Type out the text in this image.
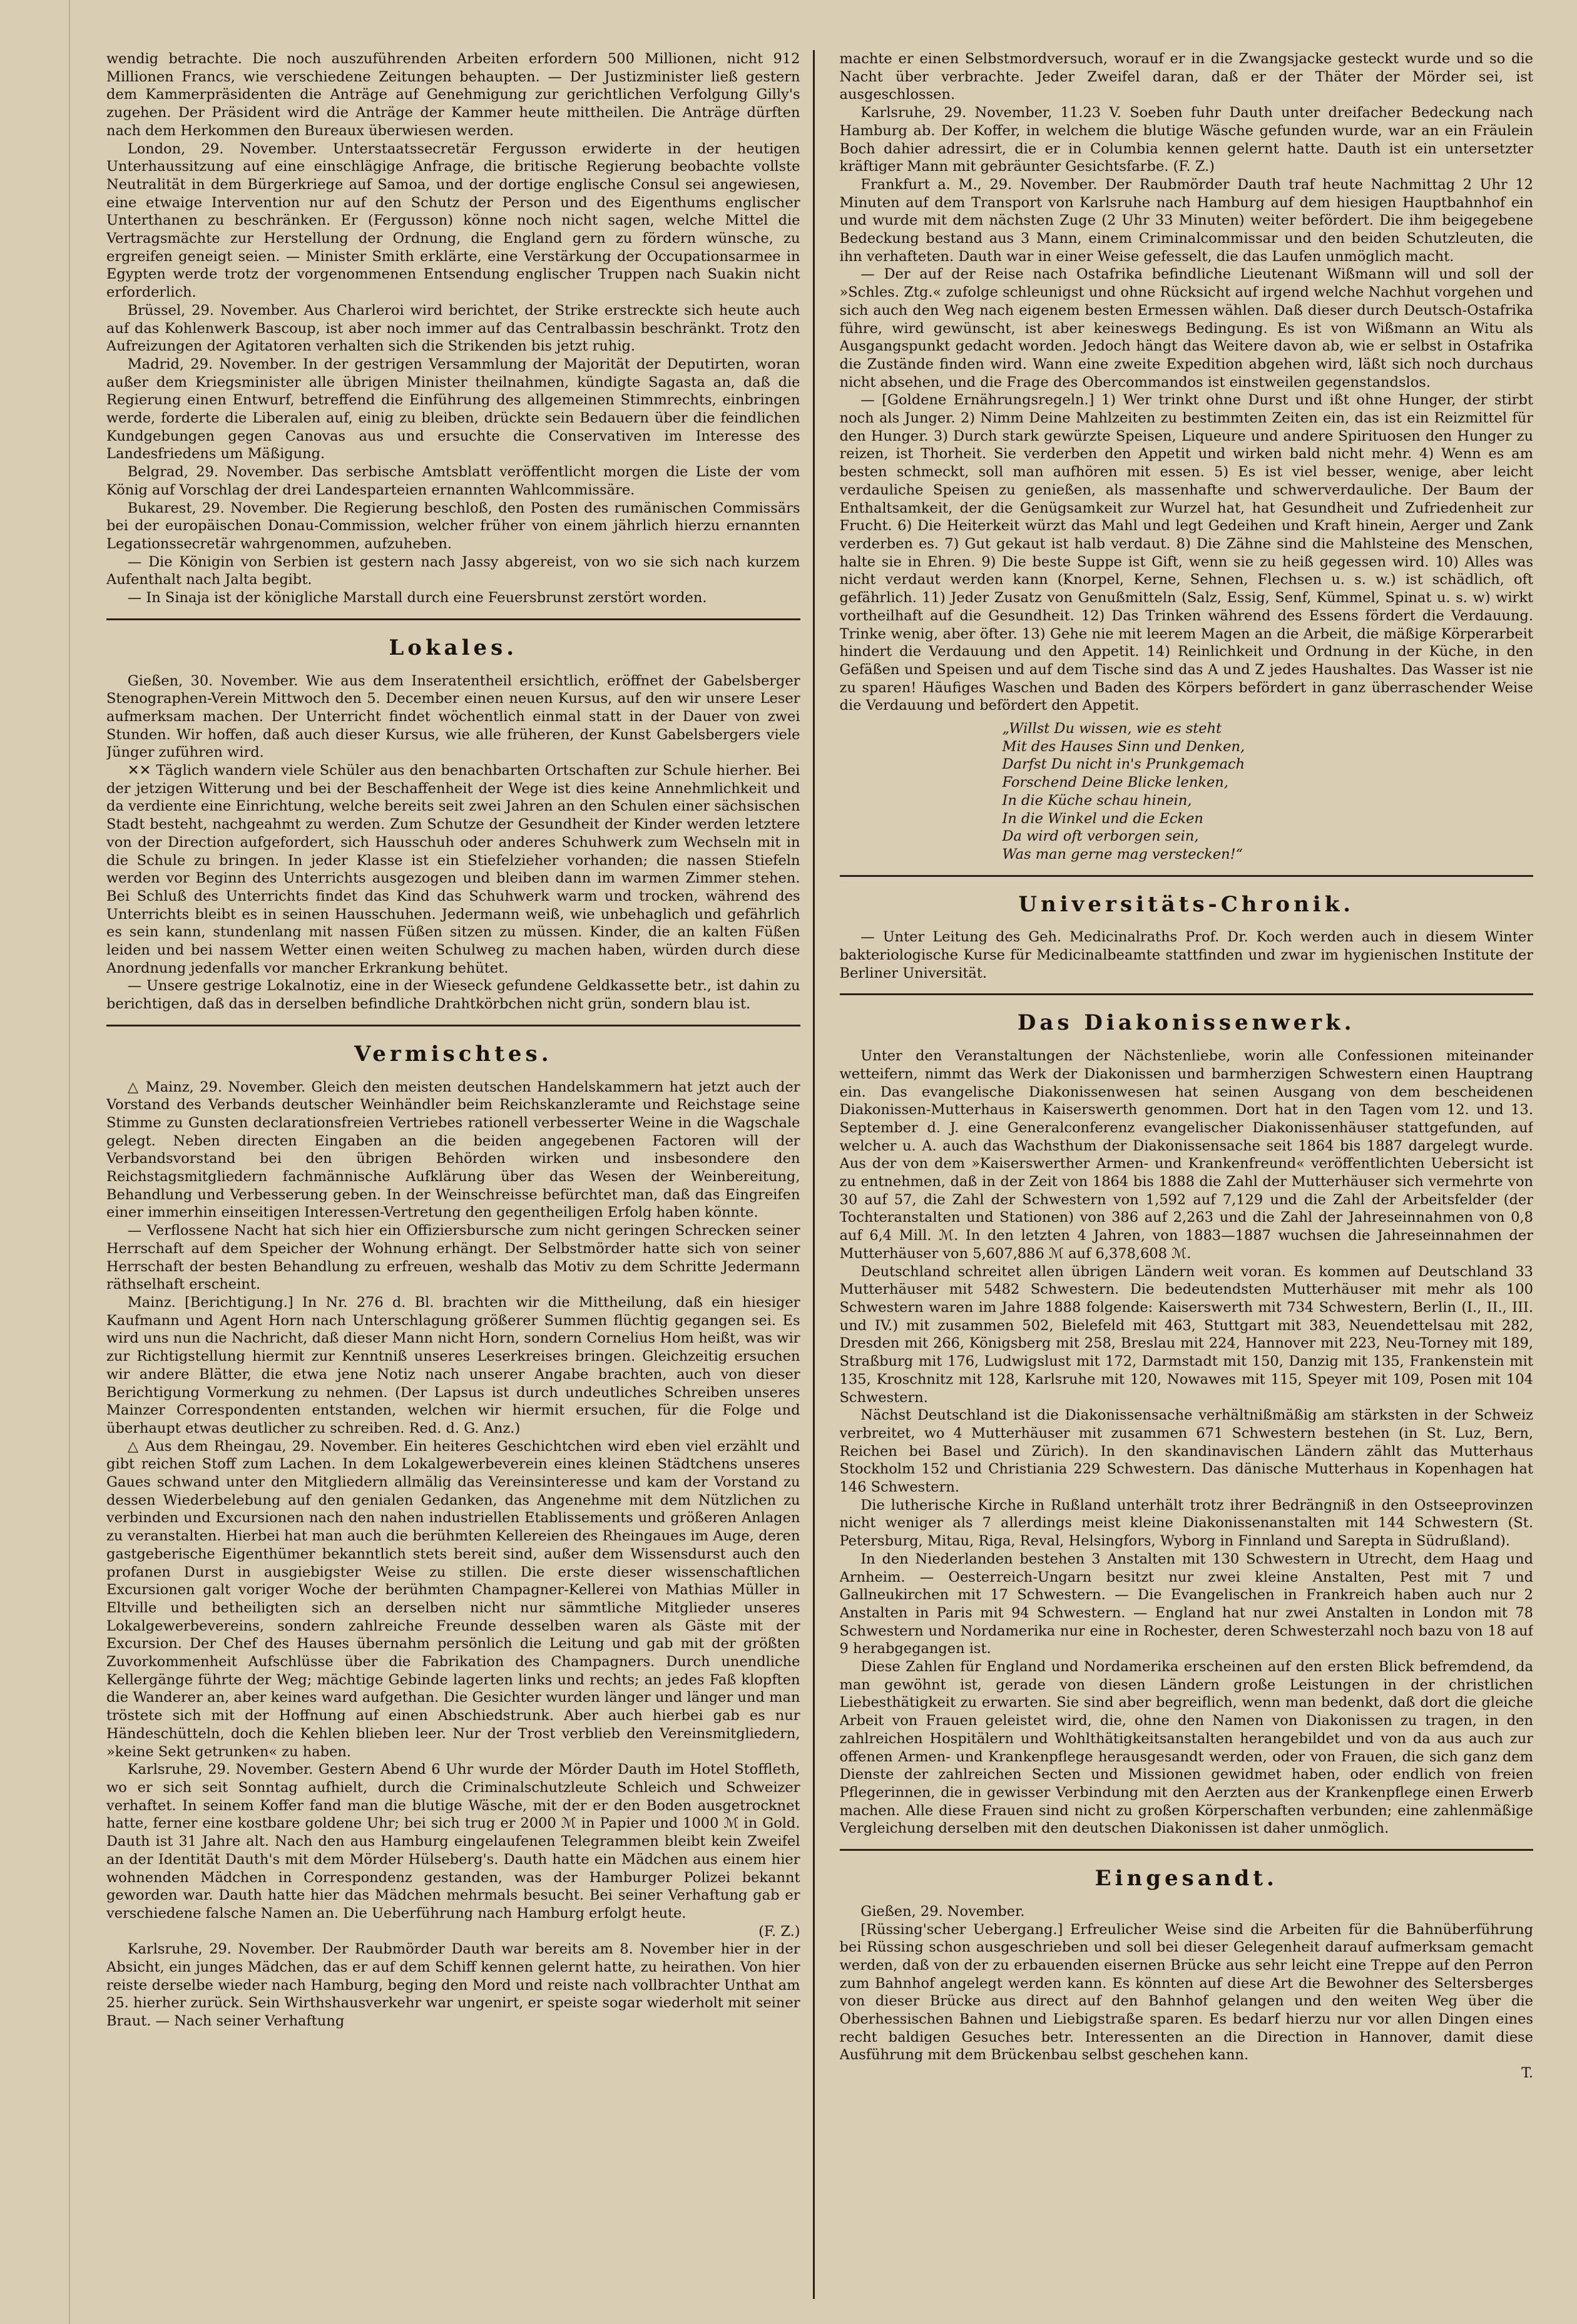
wendig betrachte. Die noch auszuführenden Arbeiten erfordern 500 Millionen, nicht 912 Millionen Francs, wie verschiedene Zeitungen behaupten. — Der Justizminister ließ gestern dem Kammerpräsidenten die Anträge auf Genehmigung zur gerichtlichen Verfolgung Gilly's zugehen. Der Präsident wird die Anträge der Kammer heute mittheilen. Die Anträge dürften nach dem Herkommen den Bureaux überwiesen werden.

London, 29. November. Unterstaatssecretär Fergusson erwiderte in der heutigen Unterhaussitzung auf eine einschlägige Anfrage, die britische Regierung beobachte vollste Neutralität in dem Bürgerkriege auf Samoa, und der dortige englische Consul sei angewiesen, eine etwaige Intervention nur auf den Schutz der Person und des Eigenthums englischer Unterthanen zu beschränken. Er (Fergusson) könne noch nicht sagen, welche Mittel die Vertragsmächte zur Herstellung der Ordnung, die England gern zu fördern wünsche, zu ergreifen geneigt seien. — Minister Smith erklärte, eine Verstärkung der Occupationsarmee in Egypten werde trotz der vorgenommenen Entsendung englischer Truppen nach Suakin nicht erforderlich.

Brüssel, 29. November. Aus Charleroi wird berichtet, der Strike erstreckte sich heute auch auf das Kohlenwerk Bascoup, ist aber noch immer auf das Centralbassin beschränkt. Trotz den Aufreizungen der Agitatoren verhalten sich die Strikenden bis jetzt ruhig.

Madrid, 29. November. In der gestrigen Versammlung der Majorität der Deputirten, woran außer dem Kriegsminister alle übrigen Minister theilnahmen, kündigte Sagasta an, daß die Regierung einen Entwurf, betreffend die Einführung des allgemeinen Stimmrechts, einbringen werde, forderte die Liberalen auf, einig zu bleiben, drückte sein Bedauern über die feindlichen Kundgebungen gegen Canovas aus und ersuchte die Conservativen im Interesse des Landesfriedens um Mäßigung.

Belgrad, 29. November. Das serbische Amtsblatt veröffentlicht morgen die Liste der vom König auf Vorschlag der drei Landesparteien ernannten Wahlcommissäre.

Bukarest, 29. November. Die Regierung beschloß, den Posten des rumänischen Commissärs bei der europäischen Donau-Commission, welcher früher von einem jährlich hierzu ernannten Legationssecretär wahrgenommen, aufzuheben.

— Die Königin von Serbien ist gestern nach Jassy abgereist, von wo sie sich nach kurzem Aufenthalt nach Jalta begibt.

— In Sinaja ist der königliche Marstall durch eine Feuersbrunst zerstört worden.

Lokales.

Gießen, 30. November. Wie aus dem Inseratentheil ersichtlich, eröffnet der Gabelsberger Stenographen-Verein Mittwoch den 5. December einen neuen Kursus, auf den wir unsere Leser aufmerksam machen. Der Unterricht findet wöchentlich einmal statt in der Dauer von zwei Stunden. Wir hoffen, daß auch dieser Kursus, wie alle früheren, der Kunst Gabelsbergers viele Jünger zuführen wird.

✕✕ Täglich wandern viele Schüler aus den benachbarten Ortschaften zur Schule hierher. Bei der jetzigen Witterung und bei der Beschaffenheit der Wege ist dies keine Annehmlichkeit und da verdiente eine Einrichtung, welche bereits seit zwei Jahren an den Schulen einer sächsischen Stadt besteht, nachgeahmt zu werden. Zum Schutze der Gesundheit der Kinder werden letztere von der Direction aufgefordert, sich Hausschuh oder anderes Schuhwerk zum Wechseln mit in die Schule zu bringen. In jeder Klasse ist ein Stiefelzieher vorhanden; die nassen Stiefeln werden vor Beginn des Unterrichts ausgezogen und bleiben dann im warmen Zimmer stehen. Bei Schluß des Unterrichts findet das Kind das Schuhwerk warm und trocken, während des Unterrichts bleibt es in seinen Hausschuhen. Jedermann weiß, wie unbehaglich und gefährlich es sein kann, stundenlang mit nassen Füßen sitzen zu müssen. Kinder, die an kalten Füßen leiden und bei nassem Wetter einen weiten Schulweg zu machen haben, würden durch diese Anordnung jedenfalls vor mancher Erkrankung behütet.

— Unsere gestrige Lokalnotiz, eine in der Wieseck gefundene Geldkassette betr., ist dahin zu berichtigen, daß das in derselben befindliche Drahtkörbchen nicht grün, sondern blau ist.

Vermischtes.

△ Mainz, 29. November. Gleich den meisten deutschen Handelskammern hat jetzt auch der Vorstand des Verbands deutscher Weinhändler beim Reichskanzleramte und Reichstage seine Stimme zu Gunsten declarationsfreien Vertriebes rationell verbesserter Weine in die Wagschale gelegt. Neben directen Eingaben an die beiden angegebenen Factoren will der Verbandsvorstand bei den übrigen Behörden wirken und insbesondere den Reichstagsmitgliedern fachmännische Aufklärung über das Wesen der Weinbereitung, Behandlung und Verbesserung geben. In der Weinschreisse befürchtet man, daß das Eingreifen einer immerhin einseitigen Interessen-Vertretung den gegentheiligen Erfolg haben könnte.

— Verflossene Nacht hat sich hier ein Offiziersbursche zum nicht geringen Schrecken seiner Herrschaft auf dem Speicher der Wohnung erhängt. Der Selbstmörder hatte sich von seiner Herrschaft der besten Behandlung zu erfreuen, weshalb das Motiv zu dem Schritte Jedermann räthselhaft erscheint.

Mainz. [Berichtigung.] In Nr. 276 d. Bl. brachten wir die Mittheilung, daß ein hiesiger Kaufmann und Agent Horn nach Unterschlagung größerer Summen flüchtig gegangen sei. Es wird uns nun die Nachricht, daß dieser Mann nicht Horn, sondern Cornelius Hom heißt, was wir zur Richtigstellung hiermit zur Kenntniß unseres Leserkreises bringen. Gleichzeitig ersuchen wir andere Blätter, die etwa jene Notiz nach unserer Angabe brachten, auch von dieser Berichtigung Vormerkung zu nehmen. (Der Lapsus ist durch undeutliches Schreiben unseres Mainzer Correspondenten entstanden, welchen wir hiermit ersuchen, für die Folge und überhaupt etwas deutlicher zu schreiben. Red. d. G. Anz.)

△ Aus dem Rheingau, 29. November. Ein heiteres Geschichtchen wird eben viel erzählt und gibt reichen Stoff zum Lachen. In dem Lokalgewerbeverein eines kleinen Städtchens unseres Gaues schwand unter den Mitgliedern allmälig das Vereinsinteresse und kam der Vorstand zu dessen Wiederbelebung auf den genialen Gedanken, das Angenehme mit dem Nützlichen zu verbinden und Excursionen nach den nahen industriellen Etablissements und größeren Anlagen zu veranstalten. Hierbei hat man auch die berühmten Kellereien des Rheingaues im Auge, deren gastgeberische Eigenthümer bekanntlich stets bereit sind, außer dem Wissensdurst auch den profanen Durst in ausgiebigster Weise zu stillen. Die erste dieser wissenschaftlichen Excursionen galt voriger Woche der berühmten Champagner-Kellerei von Mathias Müller in Eltville und betheiligten sich an derselben nicht nur sämmtliche Mitglieder unseres Lokalgewerbevereins, sondern zahlreiche Freunde desselben waren als Gäste mit der Excursion. Der Chef des Hauses übernahm persönlich die Leitung und gab mit der größten Zuvorkommenheit Aufschlüsse über die Fabrikation des Champagners. Durch unendliche Kellergänge führte der Weg; mächtige Gebinde lagerten links und rechts; an jedes Faß klopften die Wanderer an, aber keines ward aufgethan. Die Gesichter wurden länger und länger und man tröstete sich mit der Hoffnung auf einen Abschiedstrunk. Aber auch hierbei gab es nur Händeschütteln, doch die Kehlen blieben leer. Nur der Trost verblieb den Vereinsmitgliedern, »keine Sekt getrunken« zu haben.

Karlsruhe, 29. November. Gestern Abend 6 Uhr wurde der Mörder Dauth im Hotel Stoffleth, wo er sich seit Sonntag aufhielt, durch die Criminalschutzleute Schleich und Schweizer verhaftet. In seinem Koffer fand man die blutige Wäsche, mit der er den Boden ausgetrocknet hatte, ferner eine kostbare goldene Uhr; bei sich trug er 2000 ℳ in Papier und 1000 ℳ in Gold. Dauth ist 31 Jahre alt. Nach den aus Hamburg eingelaufenen Telegrammen bleibt kein Zweifel an der Identität Dauth's mit dem Mörder Hülseberg's. Dauth hatte ein Mädchen aus einem hier wohnenden Mädchen in Correspondenz gestanden, was der Hamburger Polizei bekannt geworden war. Dauth hatte hier das Mädchen mehrmals besucht. Bei seiner Verhaftung gab er verschiedene falsche Namen an. Die Ueberführung nach Hamburg erfolgt heute.

(F. Z.)

Karlsruhe, 29. November. Der Raubmörder Dauth war bereits am 8. November hier in der Absicht, ein junges Mädchen, das er auf dem Schiff kennen gelernt hatte, zu heirathen. Von hier reiste derselbe wieder nach Hamburg, beging den Mord und reiste nach vollbrachter Unthat am 25. hierher zurück. Sein Wirthshausverkehr war ungenirt, er speiste sogar wiederholt mit seiner Braut. — Nach seiner Verhaftung

machte er einen Selbstmordversuch, worauf er in die Zwangsjacke gesteckt wurde und so die Nacht über verbrachte. Jeder Zweifel daran, daß er der Thäter der Mörder sei, ist ausgeschlossen.

Karlsruhe, 29. November, 11.23 V. Soeben fuhr Dauth unter dreifacher Bedeckung nach Hamburg ab. Der Koffer, in welchem die blutige Wäsche gefunden wurde, war an ein Fräulein Boch dahier adressirt, die er in Columbia kennen gelernt hatte. Dauth ist ein untersetzter kräftiger Mann mit gebräunter Gesichtsfarbe. (F. Z.)

Frankfurt a. M., 29. November. Der Raubmörder Dauth traf heute Nachmittag 2 Uhr 12 Minuten auf dem Transport von Karlsruhe nach Hamburg auf dem hiesigen Hauptbahnhof ein und wurde mit dem nächsten Zuge (2 Uhr 33 Minuten) weiter befördert. Die ihm beigegebene Bedeckung bestand aus 3 Mann, einem Criminalcommissar und den beiden Schutzleuten, die ihn verhafteten. Dauth war in einer Weise gefesselt, die das Laufen unmöglich macht.

— Der auf der Reise nach Ostafrika befindliche Lieutenant Wißmann will und soll der »Schles. Ztg.« zufolge schleunigst und ohne Rücksicht auf irgend welche Nachhut vorgehen und sich auch den Weg nach eigenem besten Ermessen wählen. Daß dieser durch Deutsch-Ostafrika führe, wird gewünscht, ist aber keineswegs Bedingung. Es ist von Wißmann an Witu als Ausgangspunkt gedacht worden. Jedoch hängt das Weitere davon ab, wie er selbst in Ostafrika die Zustände finden wird. Wann eine zweite Expedition abgehen wird, läßt sich noch durchaus nicht absehen, und die Frage des Obercommandos ist einstweilen gegenstandslos.

— [Goldene Ernährungsregeln.] 1) Wer trinkt ohne Durst und ißt ohne Hunger, der stirbt noch als Junger. 2) Nimm Deine Mahlzeiten zu bestimmten Zeiten ein, das ist ein Reizmittel für den Hunger. 3) Durch stark gewürzte Speisen, Liqueure und andere Spirituosen den Hunger zu reizen, ist Thorheit. Sie verderben den Appetit und wirken bald nicht mehr. 4) Wenn es am besten schmeckt, soll man aufhören mit essen. 5) Es ist viel besser, wenige, aber leicht verdauliche Speisen zu genießen, als massenhafte und schwerverdauliche. Der Baum der Enthaltsamkeit, der die Genügsamkeit zur Wurzel hat, hat Gesundheit und Zufriedenheit zur Frucht. 6) Die Heiterkeit würzt das Mahl und legt Gedeihen und Kraft hinein, Aerger und Zank verderben es. 7) Gut gekaut ist halb verdaut. 8) Die Zähne sind die Mahlsteine des Menschen, halte sie in Ehren. 9) Die beste Suppe ist Gift, wenn sie zu heiß gegessen wird. 10) Alles was nicht verdaut werden kann (Knorpel, Kerne, Sehnen, Flechsen u. s. w.) ist schädlich, oft gefährlich. 11) Jeder Zusatz von Genußmitteln (Salz, Essig, Senf, Kümmel, Spinat u. s. w) wirkt vortheilhaft auf die Gesundheit. 12) Das Trinken während des Essens fördert die Verdauung. Trinke wenig, aber öfter. 13) Gehe nie mit leerem Magen an die Arbeit, die mäßige Körperarbeit hindert die Verdauung und den Appetit. 14) Reinlichkeit und Ordnung in der Küche, in den Gefäßen und Speisen und auf dem Tische sind das A und Z jedes Haushaltes. Das Wasser ist nie zu sparen! Häufiges Waschen und Baden des Körpers befördert in ganz überraschender Weise die Verdauung und befördert den Appetit.

„Willst Du wissen, wie es steht
Mit des Hauses Sinn und Denken,
Darfst Du nicht in's Prunkgemach
Forschend Deine Blicke lenken,
In die Küche schau hinein,
In die Winkel und die Ecken
Da wird oft verborgen sein,
Was man gerne mag verstecken!“
Universitäts-Chronik.

— Unter Leitung des Geh. Medicinalraths Prof. Dr. Koch werden auch in diesem Winter bakteriologische Kurse für Medicinalbeamte stattfinden und zwar im hygienischen Institute der Berliner Universität.

Das Diakonissenwerk.

Unter den Veranstaltungen der Nächstenliebe, worin alle Confessionen miteinander wetteifern, nimmt das Werk der Diakonissen und barmherzigen Schwestern einen Hauptrang ein. Das evangelische Diakonissenwesen hat seinen Ausgang von dem bescheidenen Diakonissen-Mutterhaus in Kaiserswerth genommen. Dort hat in den Tagen vom 12. und 13. September d. J. eine Generalconferenz evangelischer Diakonissenhäuser stattgefunden, auf welcher u. A. auch das Wachsthum der Diakonissensache seit 1864 bis 1887 dargelegt wurde. Aus der von dem »Kaiserswerther Armen- und Krankenfreund« veröffentlichten Uebersicht ist zu entnehmen, daß in der Zeit von 1864 bis 1888 die Zahl der Mutterhäuser sich vermehrte von 30 auf 57, die Zahl der Schwestern von 1,592 auf 7,129 und die Zahl der Arbeitsfelder (der Tochteranstalten und Stationen) von 386 auf 2,263 und die Zahl der Jahreseinnahmen von 0,8 auf 6,4 Mill. ℳ. In den letzten 4 Jahren, von 1883—1887 wuchsen die Jahreseinnahmen der Mutterhäuser von 5,607,886 ℳ auf 6,378,608 ℳ.

Deutschland schreitet allen übrigen Ländern weit voran. Es kommen auf Deutschland 33 Mutterhäuser mit 5482 Schwestern. Die bedeutendsten Mutterhäuser mit mehr als 100 Schwestern waren im Jahre 1888 folgende: Kaiserswerth mit 734 Schwestern, Berlin (I., II., III. und IV.) mit zusammen 502, Bielefeld mit 463, Stuttgart mit 383, Neuendettelsau mit 282, Dresden mit 266, Königsberg mit 258, Breslau mit 224, Hannover mit 223, Neu-Torney mit 189, Straßburg mit 176, Ludwigslust mit 172, Darmstadt mit 150, Danzig mit 135, Frankenstein mit 135, Kroschnitz mit 128, Karlsruhe mit 120, Nowawes mit 115, Speyer mit 109, Posen mit 104 Schwestern.

Nächst Deutschland ist die Diakonissensache verhältnißmäßig am stärksten in der Schweiz verbreitet, wo 4 Mutterhäuser mit zusammen 671 Schwestern bestehen (in St. Luz, Bern, Reichen bei Basel und Zürich). In den skandinavischen Ländern zählt das Mutterhaus Stockholm 152 und Christiania 229 Schwestern. Das dänische Mutterhaus in Kopenhagen hat 146 Schwestern.

Die lutherische Kirche in Rußland unterhält trotz ihrer Bedrängniß in den Ostseeprovinzen nicht weniger als 7 allerdings meist kleine Diakonissenanstalten mit 144 Schwestern (St. Petersburg, Mitau, Riga, Reval, Helsingfors, Wyborg in Finnland und Sarepta in Südrußland).

In den Niederlanden bestehen 3 Anstalten mit 130 Schwestern in Utrecht, dem Haag und Arnheim. — Oesterreich-Ungarn besitzt nur zwei kleine Anstalten, Pest mit 7 und Gallneukirchen mit 17 Schwestern. — Die Evangelischen in Frankreich haben auch nur 2 Anstalten in Paris mit 94 Schwestern. — England hat nur zwei Anstalten in London mit 78 Schwestern und Nordamerika nur eine in Rochester, deren Schwesterzahl noch bazu von 18 auf 9 herabgegangen ist.

Diese Zahlen für England und Nordamerika erscheinen auf den ersten Blick befremdend, da man gewöhnt ist, gerade von diesen Ländern große Leistungen in der christlichen Liebesthätigkeit zu erwarten. Sie sind aber begreiflich, wenn man bedenkt, daß dort die gleiche Arbeit von Frauen geleistet wird, die, ohne den Namen von Diakonissen zu tragen, in den zahlreichen Hospitälern und Wohlthätigkeitsanstalten herangebildet und von da aus auch zur offenen Armen- und Krankenpflege herausgesandt werden, oder von Frauen, die sich ganz dem Dienste der zahlreichen Secten und Missionen gewidmet haben, oder endlich von freien Pflegerinnen, die in gewisser Verbindung mit den Aerzten aus der Krankenpflege einen Erwerb machen. Alle diese Frauen sind nicht zu großen Körperschaften verbunden; eine zahlenmäßige Vergleichung derselben mit den deutschen Diakonissen ist daher unmöglich.

Eingesandt.

Gießen, 29. November.

[Rüssing'scher Uebergang.] Erfreulicher Weise sind die Arbeiten für die Bahnüberführung bei Rüssing schon ausgeschrieben und soll bei dieser Gelegenheit darauf aufmerksam gemacht werden, daß von der zu erbauenden eisernen Brücke aus sehr leicht eine Treppe auf den Perron zum Bahnhof angelegt werden kann. Es könnten auf diese Art die Bewohner des Seltersberges von dieser Brücke aus direct auf den Bahnhof gelangen und den weiten Weg über die Oberhessischen Bahnen und Liebigstraße sparen. Es bedarf hierzu nur vor allen Dingen eines recht baldigen Gesuches betr. Interessenten an die Direction in Hannover, damit diese Ausführung mit dem Brückenbau selbst geschehen kann.

T.
